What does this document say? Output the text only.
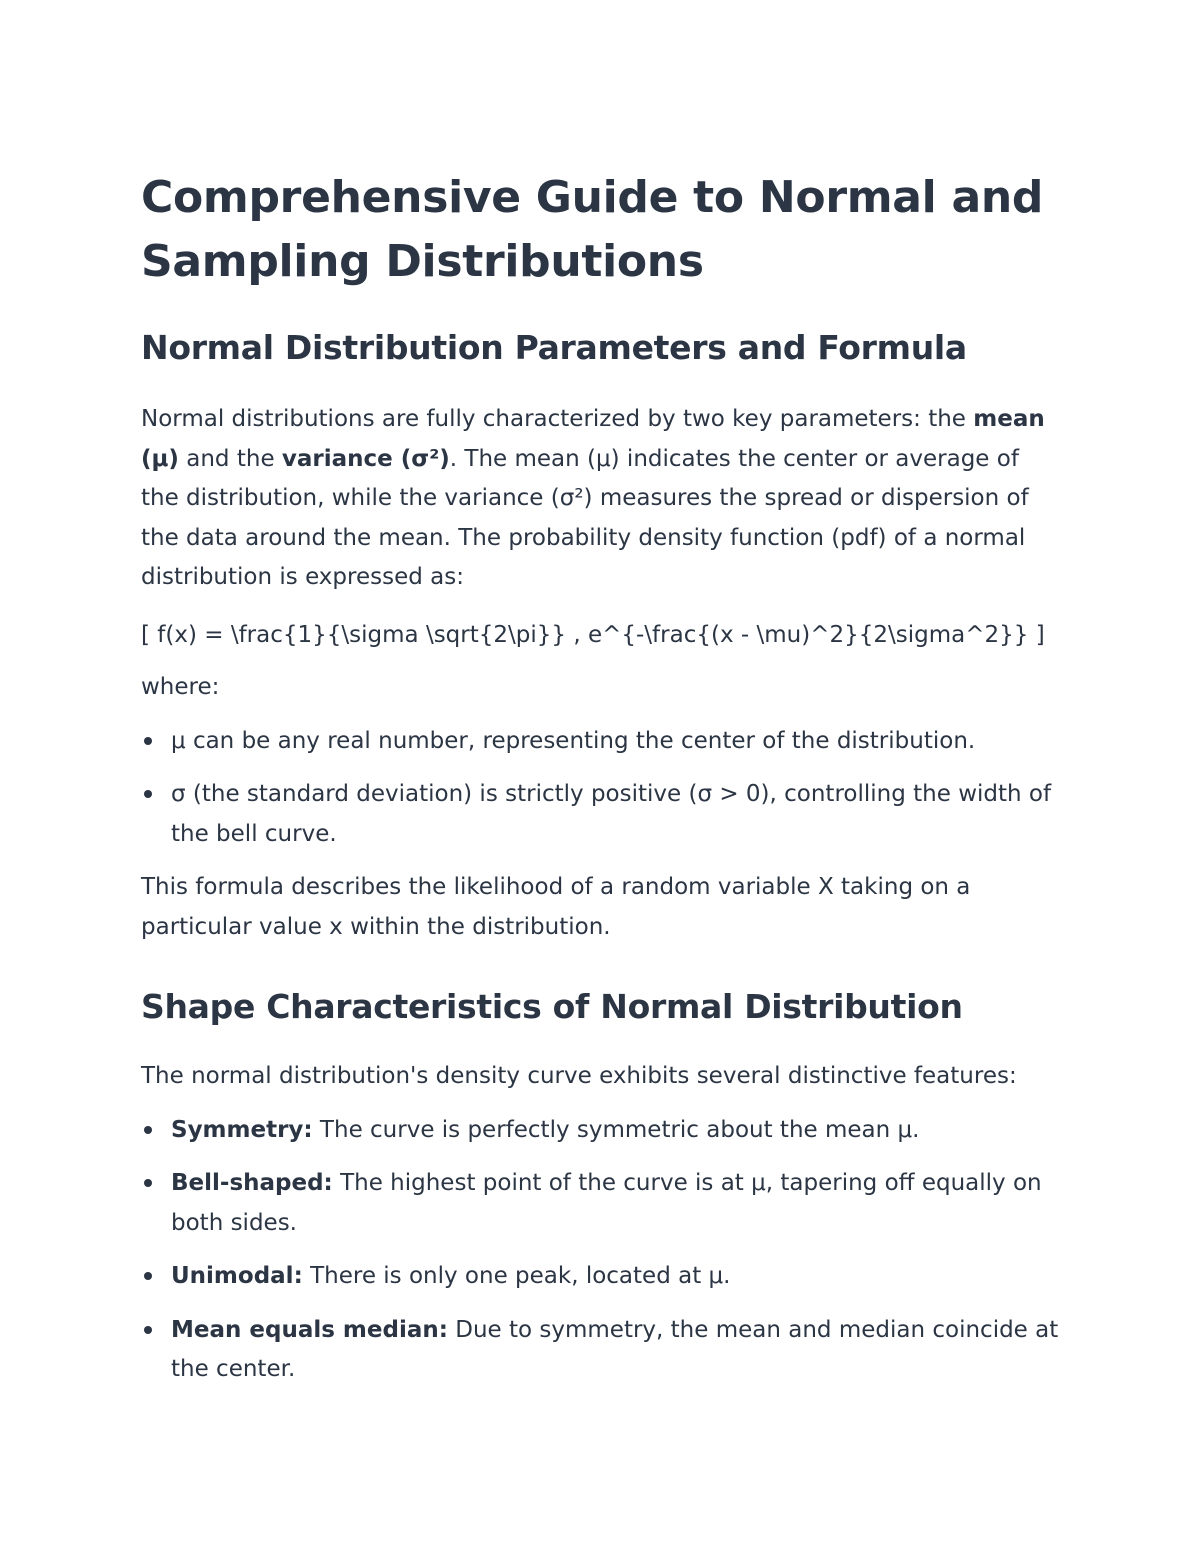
Comprehensive Guide to Normal and Sampling Distributions
Normal Distribution Parameters and Formula

Normal distributions are fully characterized by two key parameters: the mean (μ) and the variance (σ²). The mean (μ) indicates the center or average of the distribution, while the variance (σ²) measures the spread or dispersion of the data around the mean. The probability density function (pdf) of a normal distribution is expressed as:

[ f(x) = \frac{1}{\sigma \sqrt{2\pi}} , e^{-\frac{(x - \mu)^2}{2\sigma^2}} ]

where:

μ can be any real number, representing the center of the distribution.
σ (the standard deviation) is strictly positive (σ > 0), controlling the width of the bell curve.

This formula describes the likelihood of a random variable X taking on a particular value x within the distribution.

Shape Characteristics of Normal Distribution

The normal distribution's density curve exhibits several distinctive features:

Symmetry: The curve is perfectly symmetric about the mean μ.
Bell-shaped: The highest point of the curve is at μ, tapering off equally on both sides.
Unimodal: There is only one peak, located at μ.
Mean equals median: Due to symmetry, the mean and median coincide at the center.
